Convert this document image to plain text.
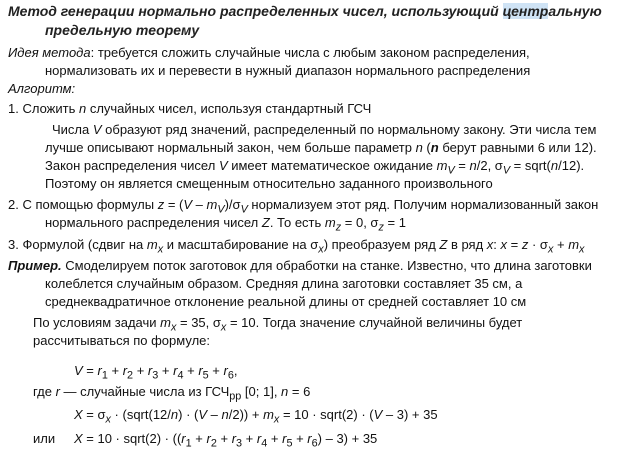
Метод генерации нормально распределенных чисел, использующий центральную
предельную теорему
Идея метода: требуется сложить случайные числа с любым законом распределения,
нормализовать их и перевести в нужный диапазон нормального распределения
Алгоритм:
1. Сложить n случайных чисел, используя стандартный ГСЧ
Числа V образуют ряд значений, распределенный по нормальному закону. Эти числа тем
лучше описывают нормальный закон, чем больше параметр n (n берут равными 6 или 12).
Закон распределения чисел V имеет математическое ожидание $m_V = n/2$, $\sigma_V$ = sqrt(n/12).
Поэтому он является смещенным относительно заданного произвольного
2. С помощью формулы $z = (V - m_V)/\sigma_V$ нормализуем этот ряд. Получим нормализованный закон
нормального распределения чисел Z. То есть $m_z = 0$, $\sigma_z = 1$
3. Формулой (сдвиг на $m_x$ и масштабирование на $\sigma_x$) преобразуем ряд Z в ряд x: $x = z \cdot \sigma_x + m_x$
Пример. Смоделируем поток заготовок для обработки на станке. Известно, что длина заготовки
колеблется случайным образом. Средняя длина заготовки составляет 35 см, а
среднеквадратичное отклонение реальной длины от средней составляет 10 см
По условиям задачи $m_x = 35$, $\sigma_x = 10$. Тогда значение случайной величины будет
рассчитываться по формуле:
$V = r_1 + r_2 + r_3 + r_4 + r_5 + r_6$,
где r — случайные числа из $ГСЧ_{рр}$ [0; 1], n = 6
$X = \sigma_x$ · (sqrt(12/n) · $(V - n/2)) + m_x = 10$ · sqrt(2) · (V – 3) + 35
или X = 10 · sqrt(2) · $((r_1 + r_2 + r_3 + r_4 + r_5 + r_6) - 3) + 35$
